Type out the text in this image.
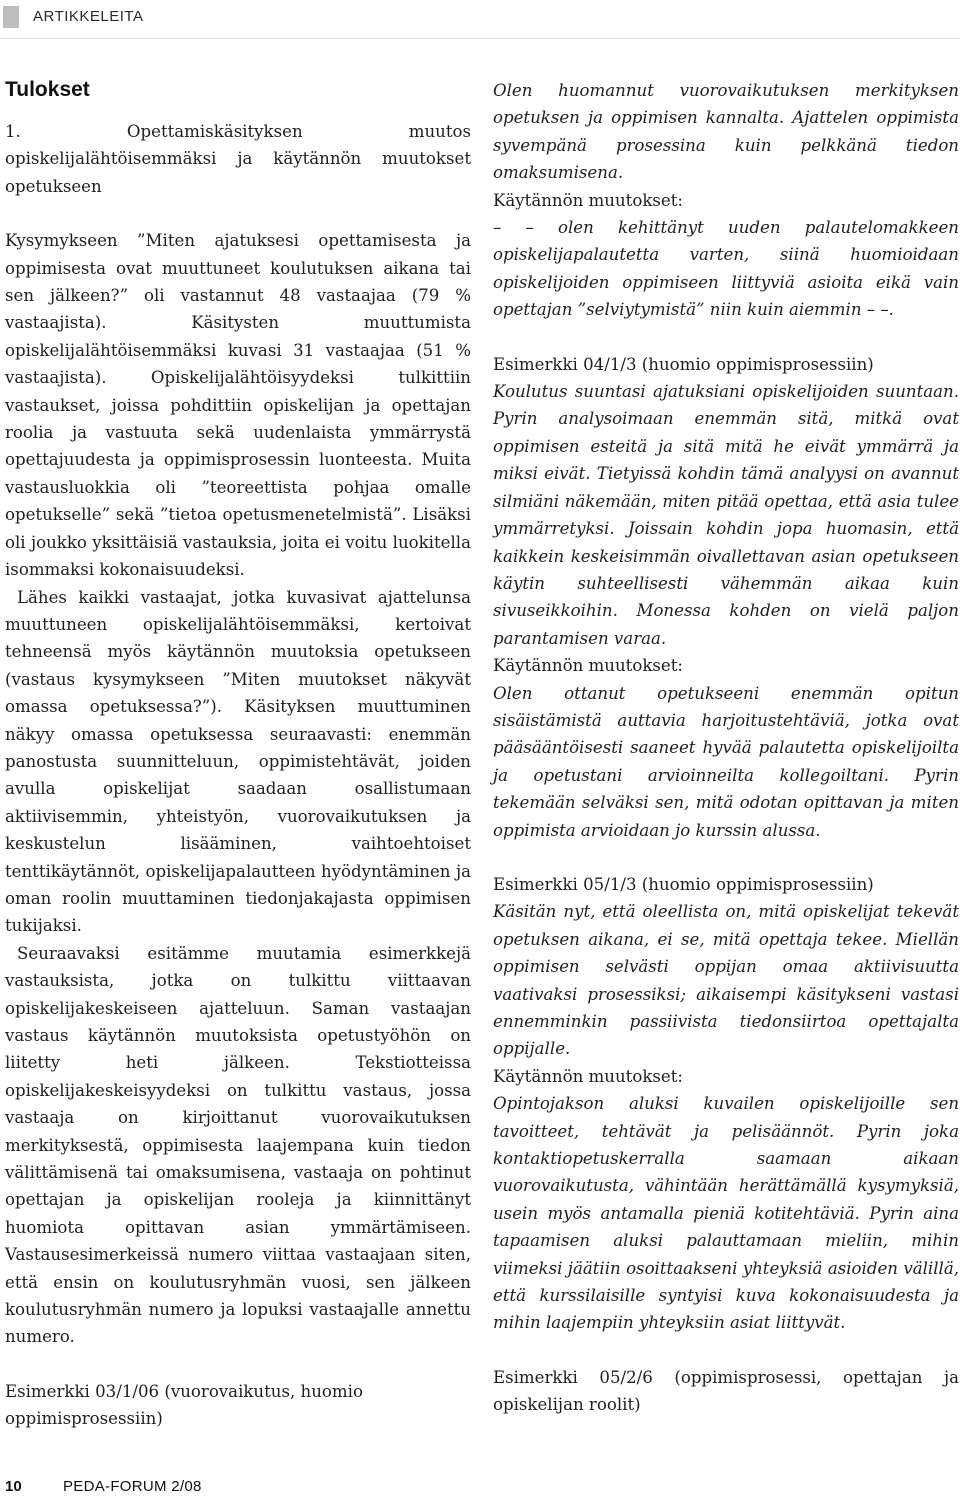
ARTIKKELEITA
Tulokset

1. Opettamiskäsityksen muutos opiskelijalähtöisemmäksi ja käytännön muutokset opetukseen

Kysymykseen ”Miten ajatuksesi opettamisesta ja oppimisesta ovat muuttuneet koulutuksen aikana tai sen jälkeen?” oli vastannut 48 vastaajaa (79 % vastaajista). Käsitysten muuttumista opiskelijalähtöisemmäksi kuvasi 31 vastaajaa (51 % vastaajista). Opiskelijalähtöisyydeksi tulkittiin vastaukset, joissa pohdittiin opiskelijan ja opettajan roolia ja vastuuta sekä uudenlaista ymmärrystä opettajuudesta ja oppimisprosessin luonteesta. Muita vastausluokkia oli ”teoreettista pohjaa omalle opetukselle” sekä ”tietoa opetusmenetelmistä”. Lisäksi oli joukko yksittäisiä vastauksia, joita ei voitu luokitella isommaksi kokonaisuudeksi.

Lähes kaikki vastaajat, jotka kuvasivat ajattelunsa muuttuneen opiskelijalähtöisemmäksi, kertoivat tehneensä myös käytännön muutoksia opetukseen (vastaus kysymykseen ”Miten muutokset näkyvät omassa opetuksessa?”). Käsityksen muuttuminen näkyy omassa opetuksessa seuraavasti: enemmän panostusta suunnitteluun, oppimistehtävät, joiden avulla opiskelijat saadaan osallistumaan aktiivisemmin, yhteistyön, vuorovaikutuksen ja keskustelun lisääminen, vaihtoehtoiset tenttikäytännöt, opiskelijapalautteen hyödyntäminen ja oman roolin muuttaminen tiedonjakajasta oppimisen tukijaksi.

Seuraavaksi esitämme muutamia esimerkkejä vastauksista, jotka on tulkittu viittaavan opiskelijakeskeiseen ajatteluun. Saman vastaajan vastaus käytännön muutoksista opetustyöhön on liitetty heti jälkeen. Tekstiotteissa opiskelijakeskeisyydeksi on tulkittu vastaus, jossa vastaaja on kirjoittanut vuorovaikutuksen merkityksestä, oppimisesta laajempana kuin tiedon välittämisenä tai omaksumisena, vastaaja on pohtinut opettajan ja opiskelijan rooleja ja kiinnittänyt huomiota opittavan asian ymmärtämiseen. Vastausesimerkeissä numero viittaa vastaajaan siten, että ensin on koulutusryhmän vuosi, sen jälkeen koulutusryhmän numero ja lopuksi vastaajalle annettu numero.

Esimerkki 03/1/06 (vuorovaikutus, huomio oppimisprosessiin)

Olen huomannut vuorovaikutuksen merkityksen opetuksen ja oppimisen kannalta. Ajattelen oppimista syvempänä prosessina kuin pelkkänä tiedon omaksumisena.

Käytännön muutokset:

– – olen kehittänyt uuden palautelomakkeen opiskelijapalautetta varten, siinä huomioidaan opiskelijoiden oppimiseen liittyviä asioita eikä vain opettajan ”selviytymistä” niin kuin aiemmin – –.

Esimerkki 04/1/3 (huomio oppimisprosessiin)

Koulutus suuntasi ajatuksiani opiskelijoiden suuntaan. Pyrin analysoimaan enemmän sitä, mitkä ovat oppimisen esteitä ja sitä mitä he eivät ymmärrä ja miksi eivät. Tietyissä kohdin tämä analyysi on avannut silmiäni näkemään, miten pitää opettaa, että asia tulee ymmärretyksi. Joissain kohdin jopa huomasin, että kaikkein keskeisimmän oivallettavan asian opetukseen käytin suhteellisesti vähemmän aikaa kuin sivuseikkoihin. Monessa kohden on vielä paljon parantamisen varaa.

Käytännön muutokset:

Olen ottanut opetukseeni enemmän opitun sisäistämistä auttavia harjoitustehtäviä, jotka ovat pääsääntöisesti saaneet hyvää palautetta opiskelijoilta ja opetustani arvioinneilta kollegoiltani. Pyrin tekemään selväksi sen, mitä odotan opittavan ja miten oppimista arvioidaan jo kurssin alussa.

Esimerkki 05/1/3 (huomio oppimisprosessiin)

Käsitän nyt, että oleellista on, mitä opiskelijat tekevät opetuksen aikana, ei se, mitä opettaja tekee. Miellän oppimisen selvästi oppijan omaa aktiivisuutta vaativaksi prosessiksi; aikaisempi käsitykseni vastasi ennemminkin passiivista tiedonsiirtoa opettajalta oppijalle.

Käytännön muutokset:

Opintojakson aluksi kuvailen opiskelijoille sen tavoitteet, tehtävät ja pelisäännöt. Pyrin joka kontaktiopetuskerralla saamaan aikaan vuorovaikutusta, vähintään herättämällä kysymyksiä, usein myös antamalla pieniä kotitehtäviä. Pyrin aina tapaamisen aluksi palauttamaan mieliin, mihin viimeksi jäätiin osoittaaksenі yhteyksiä asioiden välillä, että kurssilaisille syntyisi kuva kokonaisuudesta ja mihin laajempiin yhteyksiin asiat liittyvät.

Esimerkki 05/2/6 (oppimisprosessi, opettajan ja opiskelijan roolit)

10	PEDA-FORUM 2/08
